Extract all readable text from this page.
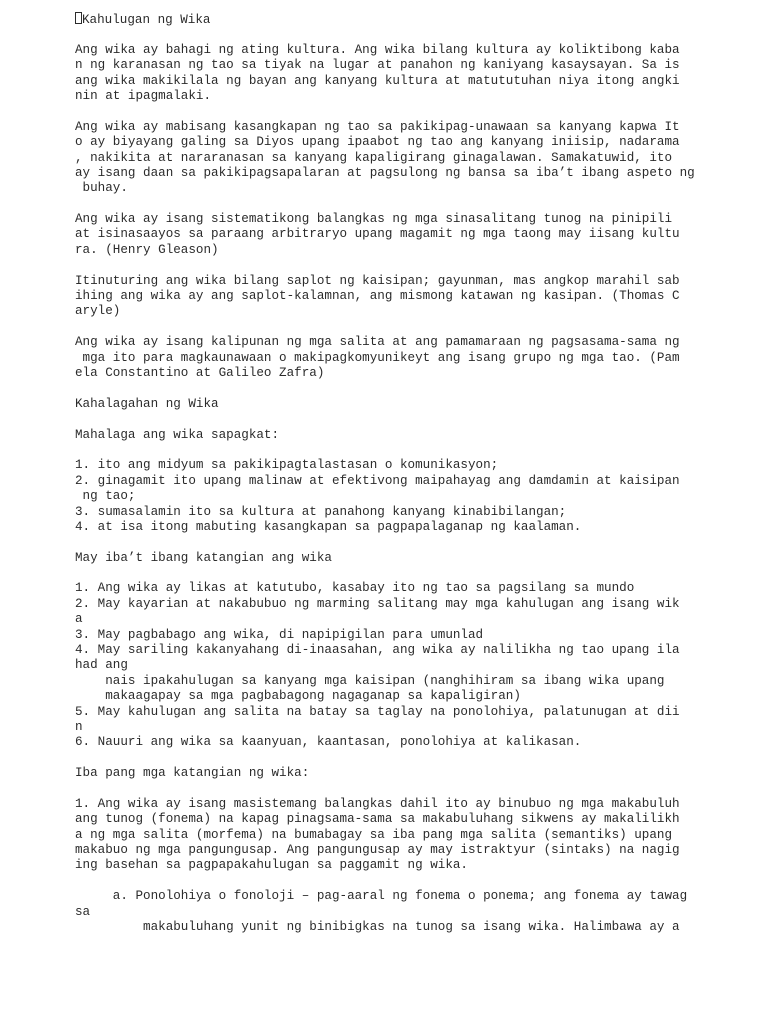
Kahulugan ng Wika
Ang wika ay bahagi ng ating kultura. Ang wika bilang kultura ay koliktibong kaba
n ng karanasan ng tao sa tiyak na lugar at panahon ng kaniyang kasaysayan. Sa is
ang wika makikilala ng bayan ang kanyang kultura at matututuhan niya itong angki
nin at ipagmalaki.
Ang wika ay mabisang kasangkapan ng tao sa pakikipag-unawaan sa kanyang kapwa It
o ay biyayang galing sa Diyos upang ipaabot ng tao ang kanyang iniisip, nadarama
, nakikita at nararanasan sa kanyang kapaligirang ginagalawan. Samakatuwid, ito
ay isang daan sa pakikipagsapalaran at pagsulong ng bansa sa iba’t ibang aspeto ng
buhay.
Ang wika ay isang sistematikong balangkas ng mga sinasalitang tunog na pinipili
at isinasaayos sa paraang arbitraryo upang magamit ng mga taong may iisang kultu
ra. (Henry Gleason)
Itinuturing ang wika bilang saplot ng kaisipan; gayunman, mas angkop marahil sab
ihing ang wika ay ang saplot-kalamnan, ang mismong katawan ng kasipan. (Thomas C
aryle)
Ang wika ay isang kalipunan ng mga salita at ang pamamaraan ng pagsasama-sama ng
mga ito para magkaunawaan o makipagkomyunikeyt ang isang grupo ng mga tao. (Pam
ela Constantino at Galileo Zafra)
Kahalagahan ng Wika
Mahalaga ang wika sapagkat:
1. ito ang midyum sa pakikipagtalastasan o komunikasyon;
2. ginagamit ito upang malinaw at efektivong maipahayag ang damdamin at kaisipan
ng tao;
3. sumasalamin ito sa kultura at panahong kanyang kinabibilangan;
4. at isa itong mabuting kasangkapan sa pagpapalaganap ng kaalaman.
May iba’t ibang katangian ang wika
1. Ang wika ay likas at katutubo, kasabay ito ng tao sa pagsilang sa mundo
2. May kayarian at nakabubuo ng marming salitang may mga kahulugan ang isang wik
a
3. May pagbabago ang wika, di napipigilan para umunlad
4. May sariling kakanyahang di-inaasahan, ang wika ay nalilikha ng tao upang ila
had ang
nais ipakahulugan sa kanyang mga kaisipan (nanghihiram sa ibang wika upang
makaagapay sa mga pagbabagong nagaganap sa kapaligiran)
5. May kahulugan ang salita na batay sa taglay na ponolohiya, palatunugan at dii
n
6. Nauuri ang wika sa kaanyuan, kaantasan, ponolohiya at kalikasan.
Iba pang mga katangian ng wika:
1. Ang wika ay isang masistemang balangkas dahil ito ay binubuo ng mga makabuluh
ang tunog (fonema) na kapag pinagsama-sama sa makabuluhang sikwens ay makalilikh
a ng mga salita (morfema) na bumabagay sa iba pang mga salita (semantiks) upang
makabuo ng mga pangungusap. Ang pangungusap ay may istraktyur (sintaks) na nagig
ing basehan sa pagpapakahulugan sa paggamit ng wika.
a. Ponolohiya o fonoloji – pag-aaral ng fonema o ponema; ang fonema ay tawag
sa
makabuluhang yunit ng binibigkas na tunog sa isang wika. Halimbawa ay a
